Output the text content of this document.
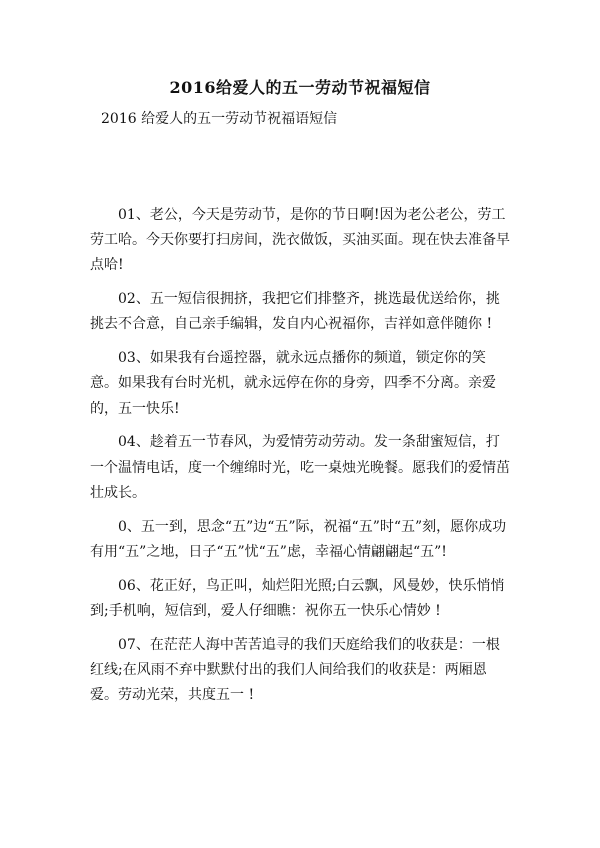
2016给爱人的五一劳动节祝福短信
2016 给爱人的五一劳动节祝福语短信

01、老公，今天是劳动节，是你的节日啊!因为老公老公，劳工劳工哈。今天你要打扫房间，洗衣做饭，买油买面。现在快去准备早点哈!

02、五一短信很拥挤，我把它们排整齐，挑选最优送给你，挑挑去不合意，自己亲手编辑，发自内心祝福你，吉祥如意伴随你 !

03、如果我有台遥控器，就永远点播你的频道，锁定你的笑意。如果我有台时光机，就永远停在你的身旁，四季不分离。亲爱的，五一快乐!

04、趁着五一节春风，为爱情劳动劳动。发一条甜蜜短信，打一个温情电话，度一个缠绵时光，吃一桌烛光晚餐。愿我们的爱情茁壮成长。

0、五一到，思念“五”边“五”际，祝福“五”时“五”刻，愿你成功有用“五”之地，日子“五”忧“五”虑，幸福心情翩翩起“五”!

06、花正好，鸟正叫，灿烂阳光照;白云飘，风曼妙，快乐悄悄到;手机响，短信到，爱人仔细瞧：祝你五一快乐心情妙 !

07、在茫茫人海中苦苦追寻的我们天庭给我们的收获是：一根红线;在风雨不弃中默默付出的我们人间给我们的收获是：两厢恩爱。劳动光荣，共度五一 !
